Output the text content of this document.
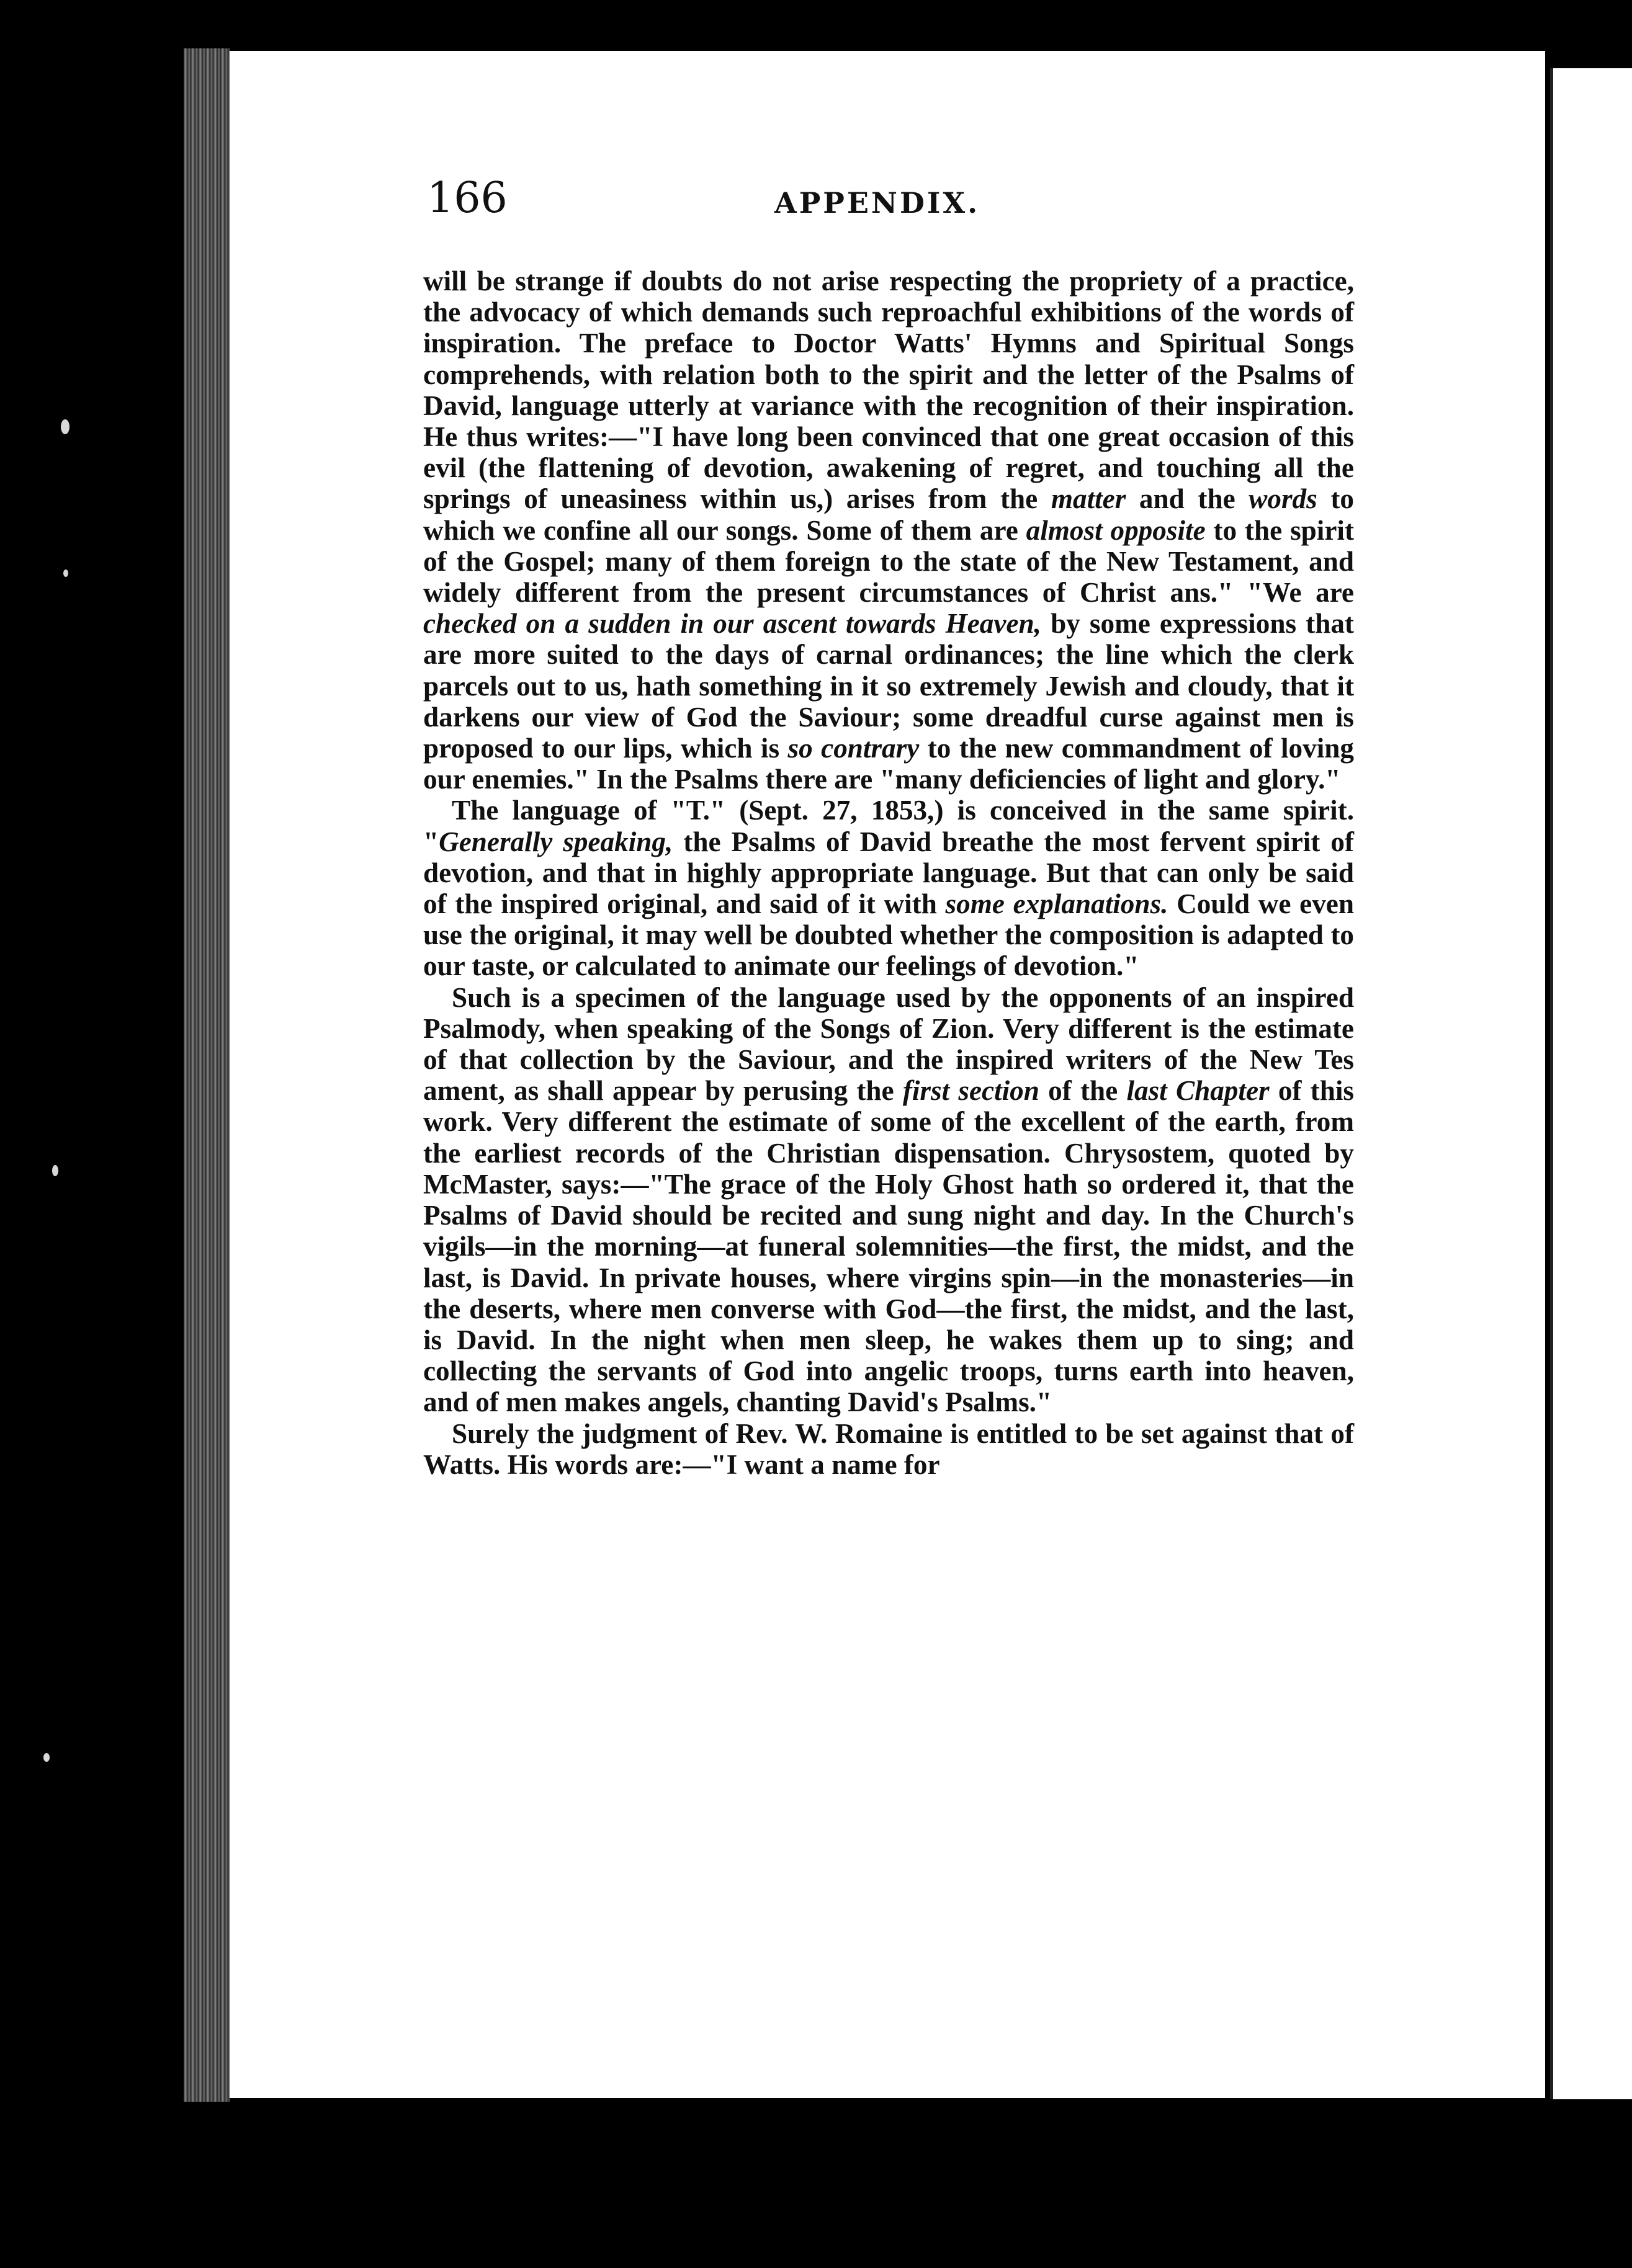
166	APPENDIX.

will be strange if doubts do not arise respecting the propriety of a practice, the advocacy of which demands such reproachful exhibitions of the words of inspiration. The preface to Doctor Watts' Hymns and Spiritual Songs comprehends, with relation both to the spirit and the letter of the Psalms of David, language utterly at variance with the recognition of their inspiration. He thus writes:—"I have long been convinced that one great occasion of this evil (the flattening of devotion, awakening of regret, and touching all the springs of uneasiness within us,) arises from the matter and the words to which we confine all our songs. Some of them are almost opposite to the spirit of the Gospel; many of them foreign to the state of the New Testament, and widely different from the present circumstances of Christ ans." "We are checked on a sudden in our ascent towards Heaven, by some expressions that are more suited to the days of carnal ordinances; the line which the clerk parcels out to us, hath something in it so extremely Jewish and cloudy, that it darkens our view of God the Saviour; some dreadful curse against men is proposed to our lips, which is so contrary to the new commandment of loving our enemies." In the Psalms there are "many deficiencies of light and glory."

The language of "T." (Sept. 27, 1853,) is conceived in the same spirit. "Generally speaking, the Psalms of David breathe the most fervent spirit of devotion, and that in highly appropriate language. But that can only be said of the inspired original, and said of it with some explanations. Could we even use the original, it may well be doubted whether the composition is adapted to our taste, or calculated to animate our feelings of devotion."

Such is a specimen of the language used by the opponents of an inspired Psalmody, when speaking of the Songs of Zion. Very different is the estimate of that collection by the Saviour, and the inspired writers of the New Tes ament, as shall appear by perusing the first section of the last Chapter of this work. Very different the estimate of some of the excellent of the earth, from the earliest records of the Christian dispensation. Chrysostem, quoted by McMaster, says:—"The grace of the Holy Ghost hath so ordered it, that the Psalms of David should be recited and sung night and day. In the Church's vigils—in the morning—at funeral solemnities—the first, the midst, and the last, is David. In private houses, where virgins spin—in the monasteries—in the deserts, where men converse with God—the first, the midst, and the last, is David. In the night when men sleep, he wakes them up to sing; and collecting the servants of God into angelic troops, turns earth into heaven, and of men makes angels, chanting David's Psalms."

Surely the judgment of Rev. W. Romaine is entitled to be set against that of Watts. His words are:—"I want a name for
